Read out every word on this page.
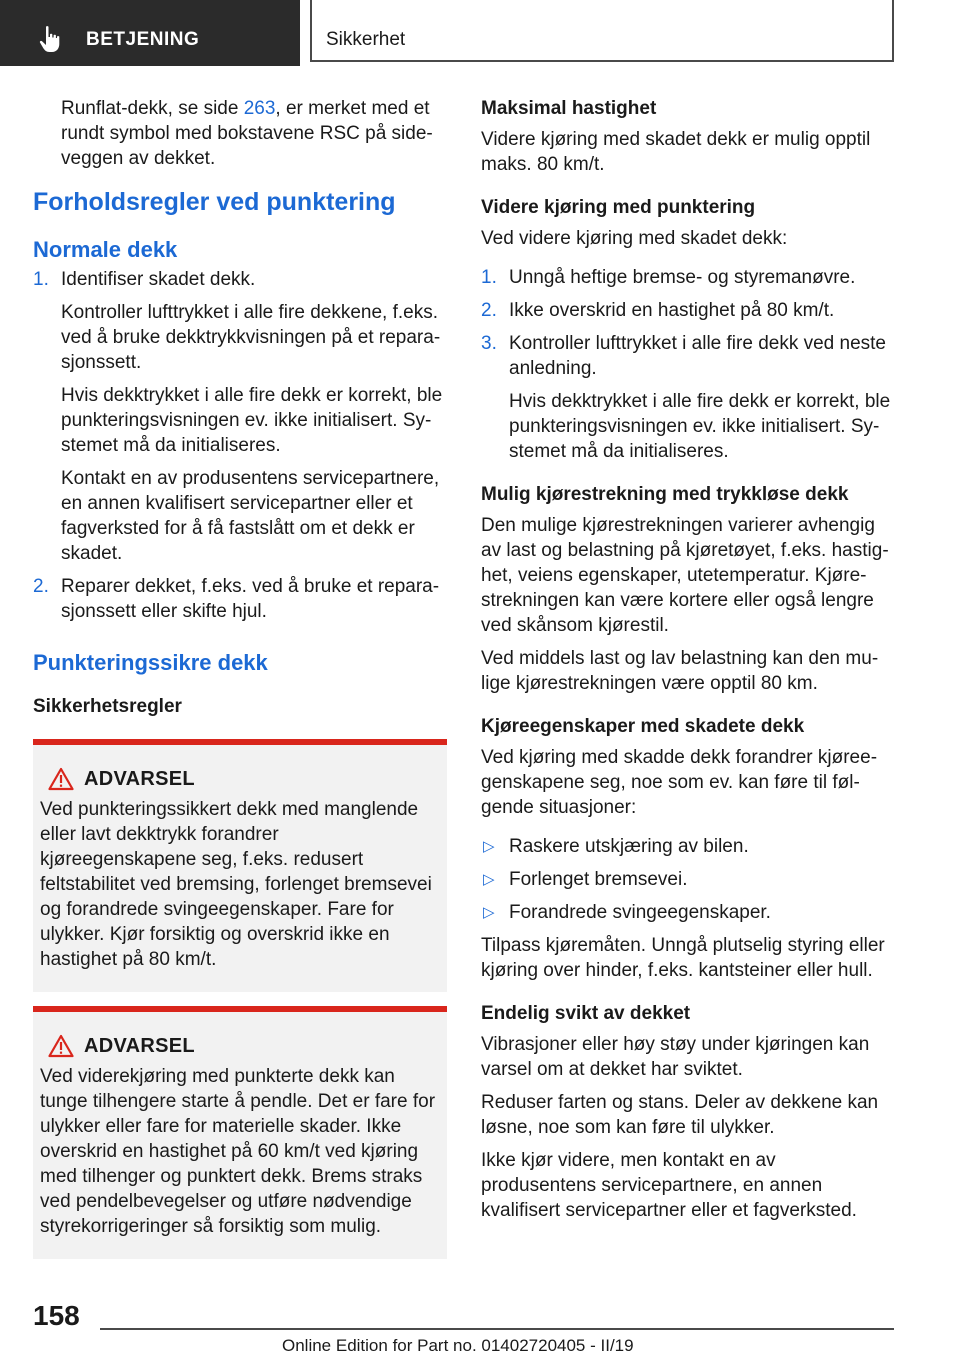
BETJENING	Sikkerhet

Runflat-dekk, se side 263, er merket med et rundt symbol med bokstavene RSC på sideveggen av dekket.

Forholdsregler ved punktering
Normale dekk
1. Identifiser skadet dekk.

Kontroller lufttrykket i alle fire dekkene, f.eks. ved å bruke dekktrykkvisningen på et reparasjonssett.

Hvis dekktrykket i alle fire dekk er korrekt, ble punkteringsvisningen ev. ikke initialisert. Systemet må da initialiseres.

Kontakt en av produsentens servicepartnere, en annen kvalifisert servicepartner eller et fagverksted for å få fastslått om et dekk er skadet.

2. Reparer dekket, f.eks. ved å bruke et reparasjonssett eller skifte hjul.

Punkteringssikre dekk

Sikkerhetsregler

ADVARSEL

Ved punkteringssikkert dekk med manglende eller lavt dekktrykk forandrer kjøreegenskapene seg, f.eks. redusert feltstabilitet ved bremsing, forlenget bremsevei og forandrede svingeegenskaper. Fare for ulykker. Kjør forsiktig og overskrid ikke en hastighet på 80 km/t.

ADVARSEL

Ved viderekjøring med punkterte dekk kan tunge tilhengere starte å pendle. Det er fare for ulykker eller fare for materielle skader. Ikke overskrid en hastighet på 60 km/t ved kjøring med tilhenger og punktert dekk. Brems straks ved pendelbevegelser og utføre nødvendige styrekorrigeringer så forsiktig som mulig.

Maksimal hastighet

Videre kjøring med skadet dekk er mulig opptil maks. 80 km/t.

Videre kjøring med punktering

Ved videre kjøring med skadet dekk:

1. Unngå heftige bremse- og styremanøvre.

2. Ikke overskrid en hastighet på 80 km/t.

3. Kontroller lufttrykket i alle fire dekk ved neste anledning.

Hvis dekktrykket i alle fire dekk er korrekt, ble punkteringsvisningen ev. ikke initialisert. Systemet må da initialiseres.

Mulig kjørestrekning med trykkløse dekk

Den mulige kjørestrekningen varierer avhengig av last og belastning på kjøretøyet, f.eks. hastighet, veiens egenskaper, utetemperatur. Kjørestrekningen kan være kortere eller også lengre ved skånsom kjørestil.

Ved middels last og lav belastning kan den mulige kjørestrekningen være opptil 80 km.

Kjøreegenskaper med skadete dekk

Ved kjøring med skadde dekk forandrer kjøreegenskapene seg, noe som ev. kan føre til følgende situasjoner:

▷ Raskere utskjæring av bilen.

▷ Forlenget bremsevei.

▷ Forandrede svingeegenskaper.

Tilpass kjøremåten. Unngå plutselig styring eller kjøring over hinder, f.eks. kantsteiner eller hull.

Endelig svikt av dekket

Vibrasjoner eller høy støy under kjøringen kan varsel om at dekket har sviktet.

Reduser farten og stans. Deler av dekkene kan løsne, noe som kan føre til ulykker.

Ikke kjør videre, men kontakt en av produsentens servicepartnere, en annen kvalifisert servicepartner eller et fagverksted.

158
Online Edition for Part no. 01402720405 - II/19
